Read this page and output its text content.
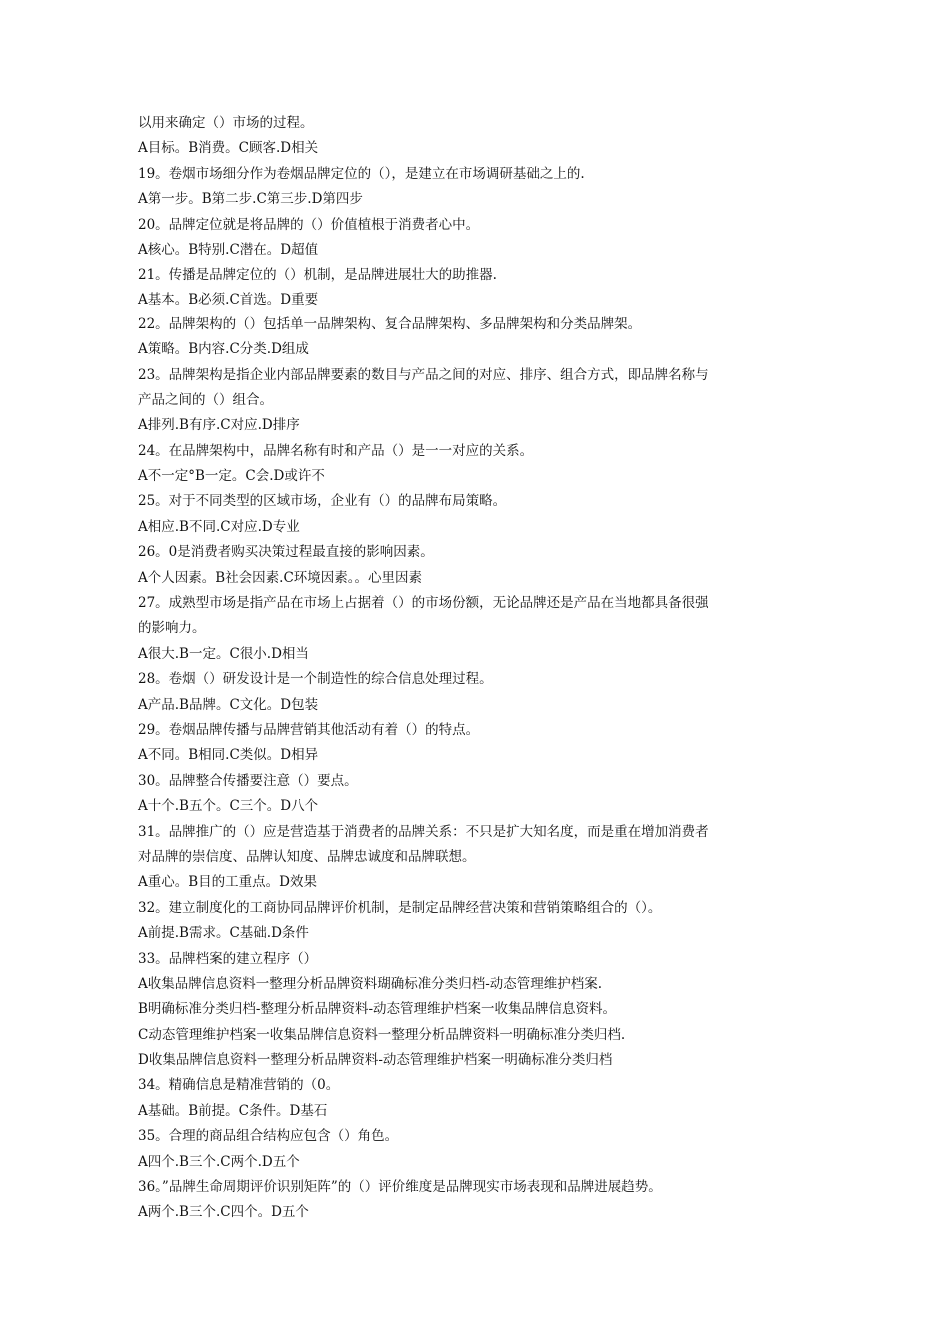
以用来确定（）市场的过程。
A目标。B消费。C顾客.D相关
19。卷烟市场细分作为卷烟品牌定位的（），是建立在市场调研基础之上的.
A第一步。B第二步.C第三步.D第四步
20。品牌定位就是将品牌的（）价值植根于消费者心中。
A核心。B特别.C潜在。D超值
21。传播是品牌定位的（）机制，是品牌进展壮大的助推器.
A基本。B必须.C首选。D重要
22。品牌架构的（）包括单一品牌架构、复合品牌架构、多品牌架构和分类品牌架。
A策略。B内容.C分类.D组成
23。品牌架构是指企业内部品牌要素的数目与产品之间的对应、排序、组合方式，即品牌名称与
产品之间的（）组合。
A排列.B有序.C对应.D排序
24。在品牌架构中，品牌名称有时和产品（）是一一对应的关系。
A不一定°B一定。C会.D或许不
25。对于不同类型的区域市场，企业有（）的品牌布局策略。
A相应.B不同.C对应.D专业
26。0是消费者购买决策过程最直接的影响因素。
A个人因素。B社会因素.C环境因素。。心里因素
27。成熟型市场是指产品在市场上占据着（）的市场份额，无论品牌还是产品在当地都具备很强
的影响力。
A很大.B一定。C很小.D相当
28。卷烟（）研发设计是一个制造性的综合信息处理过程。
A产品.B品牌。C文化。D包装
29。卷烟品牌传播与品牌营销其他活动有着（）的特点。
A不同。B相同.C类似。D相异
30。品牌整合传播要注意（）要点。
A十个.B五个。C三个。D八个
31。品牌推广的（）应是营造基于消费者的品牌关系：不只是扩大知名度，而是重在增加消费者
对品牌的崇信度、品牌认知度、品牌忠诚度和品牌联想。
A重心。B目的工重点。D效果
32。建立制度化的工商协同品牌评价机制，是制定品牌经营决策和营销策略组合的（）。
A前提.B需求。C基础.D条件
33。品牌档案的建立程序（）
A收集品牌信息资料一整理分析品牌资料瑚确标准分类归档-动态管理维护档案.
B明确标准分类归档-整理分析品牌资料-动态管理维护档案一收集品牌信息资料。
C动态管理维护档案一收集品牌信息资料一整理分析品牌资料一明确标准分类归档.
D收集品牌信息资料一整理分析品牌资料-动态管理维护档案一明确标准分类归档
34。精确信息是精准营销的（0。
A基础。B前提。C条件。D基石
35。合理的商品组合结构应包含（）角色。
A四个.B三个.C两个.D五个
36。”品牌生命周期评价识别矩阵”的（）评价维度是品牌现实市场表现和品牌进展趋势。
A两个.B三个.C四个。D五个
